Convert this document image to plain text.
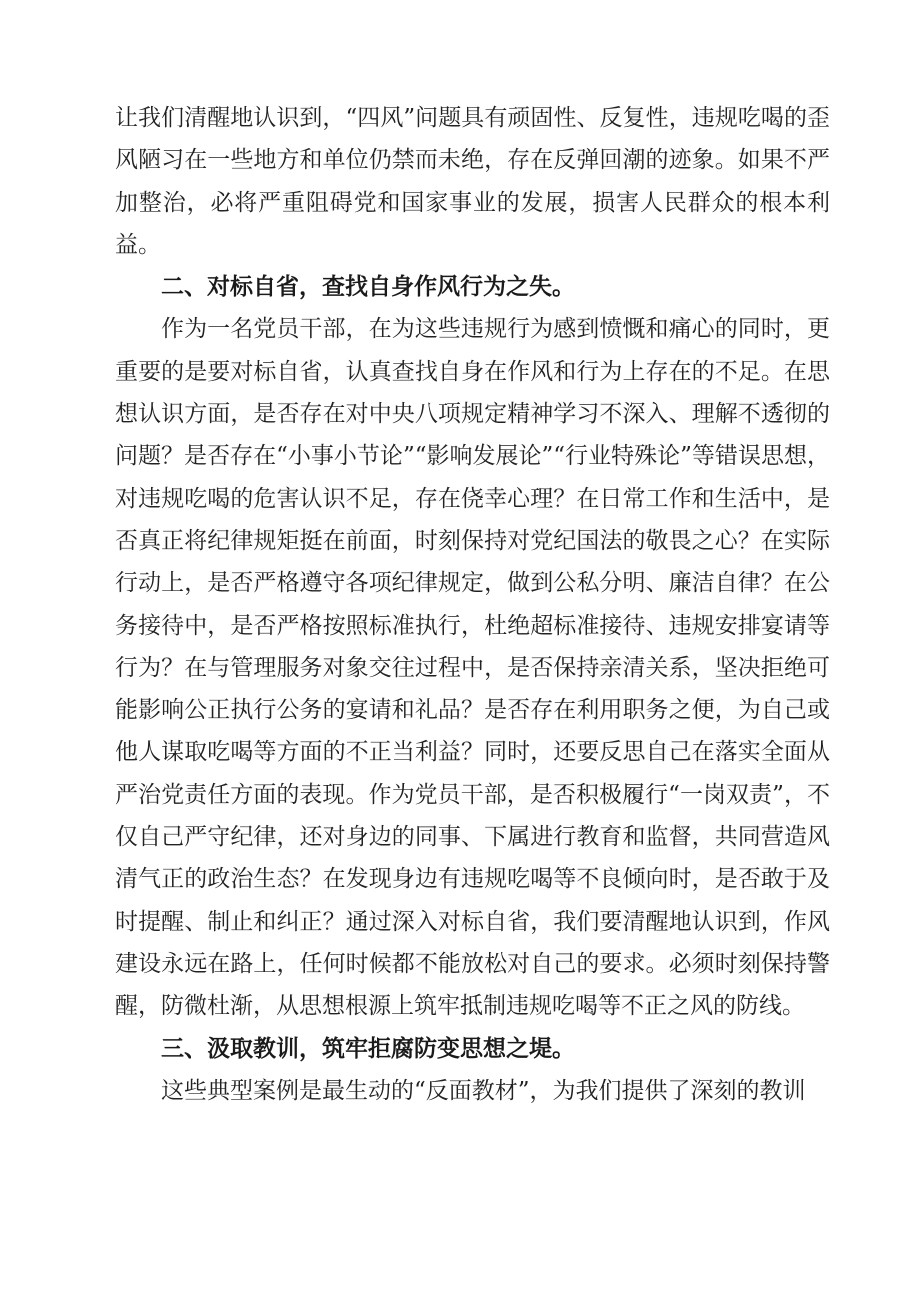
让我们清醒地认识到，“四风”问题具有顽固性、反复性，违规吃喝的歪风陋习在一些地方和单位仍禁而未绝，存在反弹回潮的迹象。如果不严加整治，必将严重阻碍党和国家事业的发展，损害人民群众的根本利益。

二、对标自省，查找自身作风行为之失。

作为一名党员干部，在为这些违规行为感到愤慨和痛心的同时，更重要的是要对标自省，认真查找自身在作风和行为上存在的不足。在思想认识方面，是否存在对中央八项规定精神学习不深入、理解不透彻的问题？是否存在“小事小节论”“影响发展论”“行业特殊论”等错误思想，对违规吃喝的危害认识不足，存在侥幸心理？在日常工作和生活中，是否真正将纪律规矩挺在前面，时刻保持对党纪国法的敬畏之心？在实际行动上，是否严格遵守各项纪律规定，做到公私分明、廉洁自律？在公务接待中，是否严格按照标准执行，杜绝超标准接待、违规安排宴请等行为？在与管理服务对象交往过程中，是否保持亲清关系，坚决拒绝可能影响公正执行公务的宴请和礼品？是否存在利用职务之便，为自己或他人谋取吃喝等方面的不正当利益？同时，还要反思自己在落实全面从严治党责任方面的表现。作为党员干部，是否积极履行“一岗双责”，不仅自己严守纪律，还对身边的同事、下属进行教育和监督，共同营造风清气正的政治生态？在发现身边有违规吃喝等不良倾向时，是否敢于及时提醒、制止和纠正？通过深入对标自省，我们要清醒地认识到，作风建设永远在路上，任何时候都不能放松对自己的要求。必须时刻保持警醒，防微杜渐，从思想根源上筑牢抵制违规吃喝等不正之风的防线。

三、汲取教训，筑牢拒腐防变思想之堤。

这些典型案例是最生动的“反面教材”，为我们提供了深刻的教训
